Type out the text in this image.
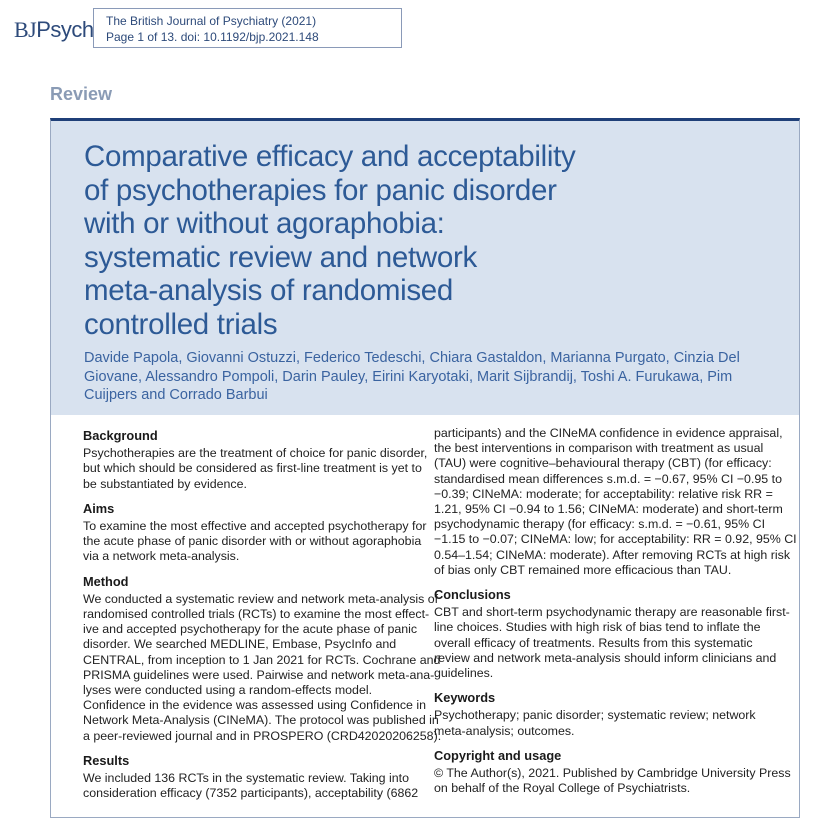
BJPsych The British Journal of Psychiatry (2021)
Page 1 of 13. doi: 10.1192/bjp.2021.148
Review
Comparative efficacy and acceptability
of psychotherapies for panic disorder
with or without agoraphobia:
systematic review and network
meta-analysis of randomised
controlled trials

Davide Papola, Giovanni Ostuzzi, Federico Tedeschi, Chiara Gastaldon, Marianna Purgato, Cinzia Del Giovane, Alessandro Pompoli, Darin Pauley, Eirini Karyotaki, Marit Sijbrandij, Toshi A. Furukawa, Pim Cuijpers and Corrado Barbui

Background
Psychotherapies are the treatment of choice for panic disorder,
but which should be considered as first-line treatment is yet to
be substantiated by evidence.
Aims
To examine the most effective and accepted psychotherapy for
the acute phase of panic disorder with or without agoraphobia
via a network meta-analysis.
Method
We conducted a systematic review and network meta-analysis of
randomised controlled trials (RCTs) to examine the most effect-
ive and accepted psychotherapy for the acute phase of panic
disorder. We searched MEDLINE, Embase, PsycInfo and
CENTRAL, from inception to 1 Jan 2021 for RCTs. Cochrane and
PRISMA guidelines were used. Pairwise and network meta-ana-
lyses were conducted using a random-effects model.
Confidence in the evidence was assessed using Confidence in
Network Meta-Analysis (CINeMA). The protocol was published in
a peer-reviewed journal and in PROSPERO (CRD42020206258).
Results
We included 136 RCTs in the systematic review. Taking into
consideration efficacy (7352 participants), acceptability (6862
participants) and the CINeMA confidence in evidence appraisal,
the best interventions in comparison with treatment as usual
(TAU) were cognitive–behavioural therapy (CBT) (for efficacy:
standardised mean differences s.m.d. = −0.67, 95% CI −0.95 to
−0.39; CINeMA: moderate; for acceptability: relative risk RR =
1.21, 95% CI −0.94 to 1.56; CINeMA: moderate) and short-term
psychodynamic therapy (for efficacy: s.m.d. = −0.61, 95% CI
−1.15 to −0.07; CINeMA: low; for acceptability: RR = 0.92, 95% CI
0.54–1.54; CINeMA: moderate). After removing RCTs at high risk
of bias only CBT remained more efficacious than TAU.
Conclusions
CBT and short-term psychodynamic therapy are reasonable first-
line choices. Studies with high risk of bias tend to inflate the
overall efficacy of treatments. Results from this systematic
review and network meta-analysis should inform clinicians and
guidelines.
Keywords
Psychotherapy; panic disorder; systematic review; network
meta-analysis; outcomes.
Copyright and usage
© The Author(s), 2021. Published by Cambridge University Press
on behalf of the Royal College of Psychiatrists.
